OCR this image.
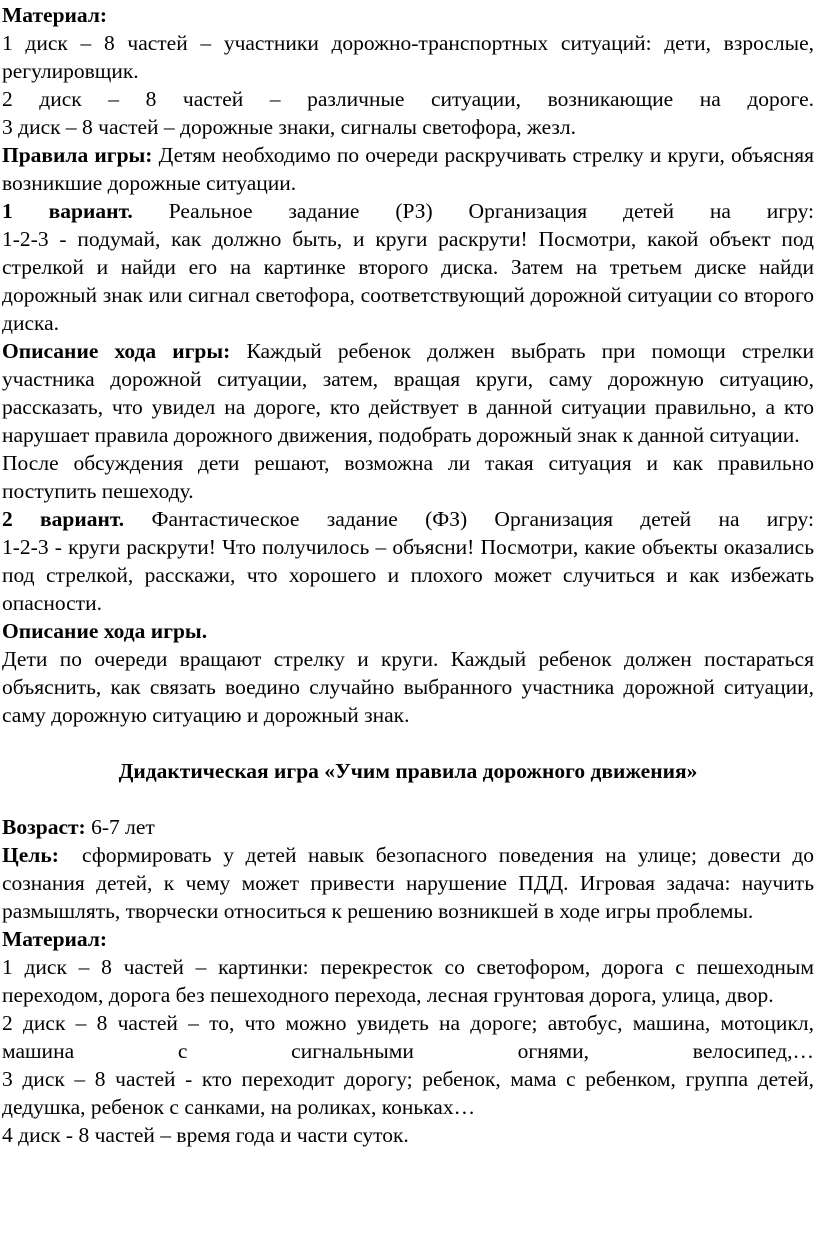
Материал:

1 диск – 8 частей – участники дорожно-транспортных ситуаций: дети, взрослые, регулировщик.

2 диск – 8 частей – различные ситуации, возникающие на дороге.

3 диск – 8 частей – дорожные знаки, сигналы светофора, жезл.

Правила игры: Детям необходимо по очереди раскручивать стрелку и круги, объясняя возникшие дорожные ситуации.

1 вариант. Реальное задание (РЗ) Организация детей на игру:

1-2-3 - подумай, как должно быть, и круги раскрути! Посмотри, какой объект под стрелкой и найди его на картинке второго диска. Затем на третьем диске найди дорожный знак или сигнал светофора, соответствующий дорожной ситуации со второго диска.

Описание хода игры: Каждый ребенок должен выбрать при помощи стрелки участника дорожной ситуации, затем, вращая круги, саму дорожную ситуацию, рассказать, что увидел на дороге, кто действует в данной ситуации правильно, а кто нарушает правила дорожного движения, подобрать дорожный знак к данной ситуации.

После обсуждения дети решают, возможна ли такая ситуация и как правильно поступить пешеходу.

2 вариант. Фантастическое задание (ФЗ) Организация детей на игру:

1-2-3 - круги раскрути! Что получилось – объясни! Посмотри, какие объекты оказались под стрелкой, расскажи, что хорошего и плохого может случиться и как избежать опасности.

Описание хода игры.

Дети по очереди вращают стрелку и круги. Каждый ребенок должен постараться объяснить, как связать воедино случайно выбранного участника дорожной ситуации, саму дорожную ситуацию и дорожный знак.

Дидактическая игра «Учим правила дорожного движения»

Возраст: 6-7 лет

Цель: сформировать у детей навык безопасного поведения на улице; довести до сознания детей, к чему может привести нарушение ПДД. Игровая задача: научить размышлять, творчески относиться к решению возникшей в ходе игры проблемы.

Материал:

1 диск – 8 частей – картинки: перекресток со светофором, дорога с пешеходным переходом, дорога без пешеходного перехода, лесная грунтовая дорога, улица, двор.

2 диск – 8 частей – то, что можно увидеть на дороге; автобус, машина, мотоцикл, машина с сигнальными огнями, велосипед,…

3 диск – 8 частей - кто переходит дорогу; ребенок, мама с ребенком, группа детей, дедушка, ребенок с санками, на роликах, коньках…

4 диск - 8 частей – время года и части суток.
